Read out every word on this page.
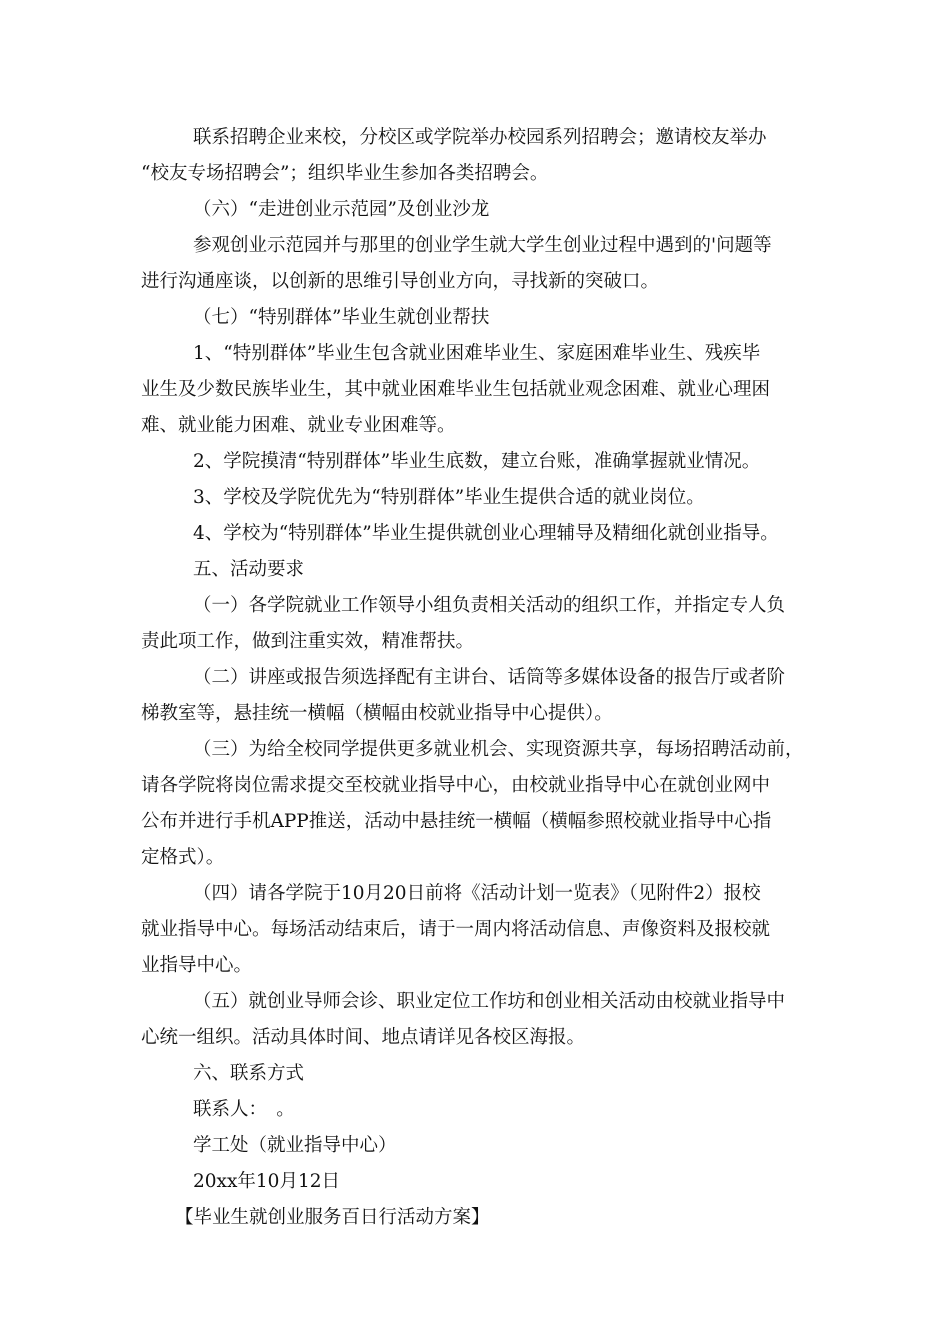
联系招聘企业来校，分校区或学院举办校园系列招聘会；邀请校友举办
“校友专场招聘会”；组织毕业生参加各类招聘会。
（六）“走进创业示范园”及创业沙龙
参观创业示范园并与那里的创业学生就大学生创业过程中遇到的'问题等
进行沟通座谈，以创新的思维引导创业方向，寻找新的突破口。
（七）“特别群体”毕业生就创业帮扶
1、“特别群体”毕业生包含就业困难毕业生、家庭困难毕业生、残疾毕
业生及少数民族毕业生，其中就业困难毕业生包括就业观念困难、就业心理困
难、就业能力困难、就业专业困难等。
2、学院摸清“特别群体”毕业生底数，建立台账，准确掌握就业情况。
3、学校及学院优先为“特别群体”毕业生提供合适的就业岗位。
4、学校为“特别群体”毕业生提供就创业心理辅导及精细化就创业指导。
五、活动要求
（一）各学院就业工作领导小组负责相关活动的组织工作，并指定专人负
责此项工作，做到注重实效，精准帮扶。
（二）讲座或报告须选择配有主讲台、话筒等多媒体设备的报告厅或者阶
梯教室等，悬挂统一横幅（横幅由校就业指导中心提供）。
（三）为给全校同学提供更多就业机会、实现资源共享，每场招聘活动前，
请各学院将岗位需求提交至校就业指导中心，由校就业指导中心在就创业网中
公布并进行手机APP推送，活动中悬挂统一横幅（横幅参照校就业指导中心指
定格式）。
（四）请各学院于10月20日前将《活动计划一览表》（见附件2）报校
就业指导中心。每场活动结束后，请于一周内将活动信息、声像资料及报校就
业指导中心。
（五）就创业导师会诊、职业定位工作坊和创业相关活动由校就业指导中
心统一组织。活动具体时间、地点请详见各校区海报。
六、联系方式
联系人：　。
学工处（就业指导中心）
20xx年10月12日
【毕业生就创业服务百日行活动方案】
